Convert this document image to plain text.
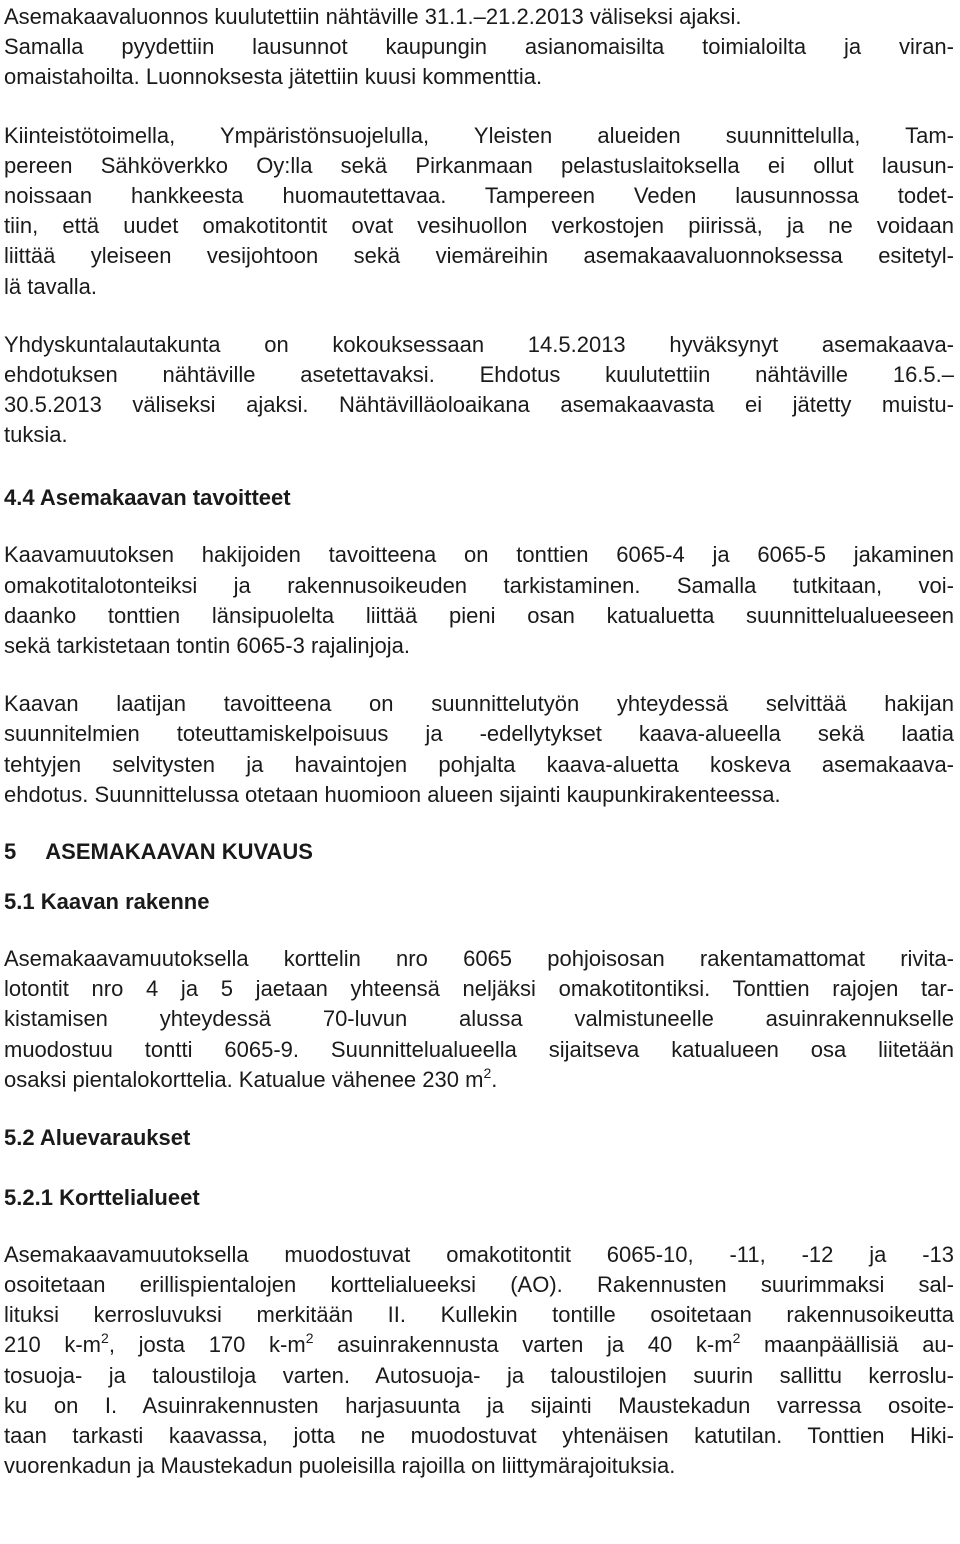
Asemakaavaluonnos kuulutettiin nähtäville 31.1.–21.2.2013 väliseksi ajaksi.
Samalla pyydettiin lausunnot kaupungin asianomaisilta toimialoilta ja viran-
omaistahoilta. Luonnoksesta jätettiin kuusi kommenttia.
Kiinteistötoimella, Ympäristönsuojelulla, Yleisten alueiden suunnittelulla, Tam-
pereen Sähköverkko Oy:lla sekä Pirkanmaan pelastuslaitoksella ei ollut lausun-
noissaan hankkeesta huomautettavaa. Tampereen Veden lausunnossa todet-
tiin, että uudet omakotitontit ovat vesihuollon verkostojen piirissä, ja ne voidaan
liittää yleiseen vesijohtoon sekä viemäreihin asemakaavaluonnoksessa esitetyl-
lä tavalla.
Yhdyskuntalautakunta on kokouksessaan 14.5.2013 hyväksynyt asemakaava-
ehdotuksen nähtäville asetettavaksi. Ehdotus kuulutettiin nähtäville 16.5.–
30.5.2013 väliseksi ajaksi. Nähtävilläoloaikana asemakaavasta ei jätetty muistu-
tuksia.
4.4 Asemakaavan tavoitteet
Kaavamuutoksen hakijoiden tavoitteena on tonttien 6065-4 ja 6065-5 jakaminen
omakotitalotonteiksi ja rakennusoikeuden tarkistaminen. Samalla tutkitaan, voi-
daanko tonttien länsipuolelta liittää pieni osan katualuetta suunnittelualueeseen
sekä tarkistetaan tontin 6065-3 rajalinjoja.
Kaavan laatijan tavoitteena on suunnittelutyön yhteydessä selvittää hakijan
suunnitelmien toteuttamiskelpoisuus ja -edellytykset kaava-alueella sekä laatia
tehtyjen selvitysten ja havaintojen pohjalta kaava-aluetta koskeva asemakaava-
ehdotus. Suunnittelussa otetaan huomioon alueen sijainti kaupunkirakenteessa.
5 ASEMAKAAVAN KUVAUS
5.1 Kaavan rakenne
Asemakaavamuutoksella korttelin nro 6065 pohjoisosan rakentamattomat rivita-
lotontit nro 4 ja 5 jaetaan yhteensä neljäksi omakotitontiksi. Tonttien rajojen tar-
kistamisen yhteydessä 70-luvun alussa valmistuneelle asuinrakennukselle
muodostuu tontti 6065-9. Suunnittelualueella sijaitseva katualueen osa liitetään
osaksi pientalokorttelia. Katualue vähenee 230 $m^2$.
5.2 Aluevaraukset
5.2.1 Korttelialueet
Asemakaavamuutoksella muodostuvat omakotitontit 6065-10, -11, -12 ja -13
osoitetaan erillispientalojen korttelialueeksi (AO). Rakennusten suurimmaksi sal-
lituksi kerrosluvuksi merkitään II. Kullekin tontille osoitetaan rakennusoikeutta
210 $k-m^2$, josta 170 $k-m^2$ asuinrakennusta varten ja 40 $k-m^2$ maanpäällisiä au-
tosuoja- ja taloustiloja varten. Autosuoja- ja taloustilojen suurin sallittu kerroslu-
ku on I. Asuinrakennusten harjasuunta ja sijainti Maustekadun varressa osoite-
taan tarkasti kaavassa, jotta ne muodostuvat yhtenäisen katutilan. Tonttien Hiki-
vuorenkadun ja Maustekadun puoleisilla rajoilla on liittymärajoituksia.
